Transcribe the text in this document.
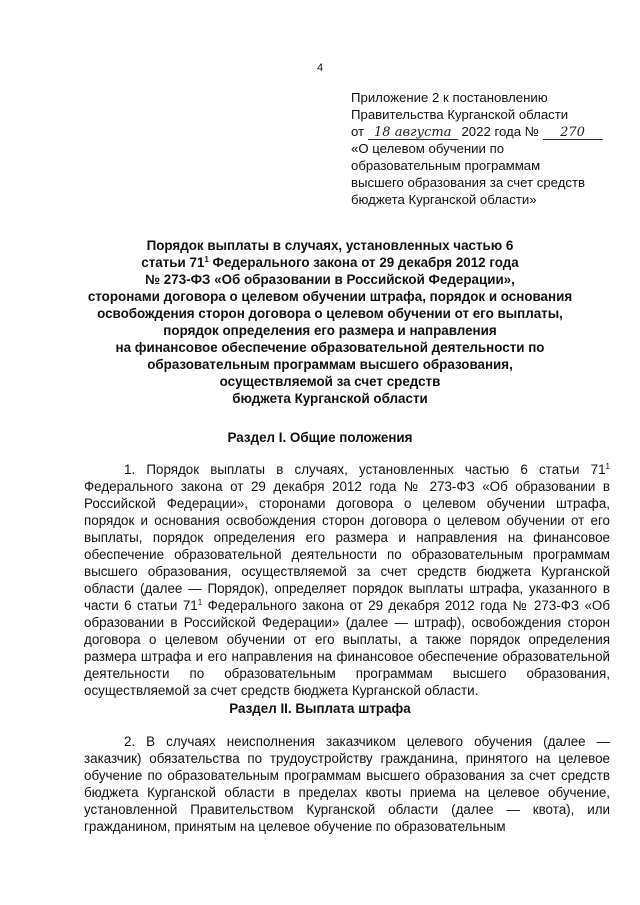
4
Приложение 2 к постановлению
Правительства Курганской области
от 18 августа 2022 года № 270
«О целевом обучении по
образовательным программам
высшего образования за счет средств
бюджета Курганской области»
Порядок выплаты в случаях, установленных частью 6
статьи $71^1$ Федерального закона от 29 декабря 2012 года
№ 273-ФЗ «Об образовании в Российской Федерации»,
сторонами договора о целевом обучении штрафа, порядок и основания
освобождения сторон договора о целевом обучении от его выплаты,
порядок определения его размера и направления
на финансовое обеспечение образовательной деятельности по
образовательным программам высшего образования,
осуществляемой за счет средств
бюджета Курганской области
Раздел I. Общие положения
1. Порядок выплаты в случаях, установленных частью 6 статьи $71^1$ Федерального закона от 29 декабря 2012 года № 273-ФЗ «Об образовании в Российской Федерации», сторонами договора о целевом обучении штрафа, порядок и основания освобождения сторон договора о целевом обучении от его выплаты, порядок определения его размера и направления на финансовое обеспечение образовательной деятельности по образовательным программам высшего образования, осуществляемой за счет средств бюджета Курганской области (далее — Порядок), определяет порядок выплаты штрафа, указанного в части 6 статьи $71^1$ Федерального закона от 29 декабря 2012 года № 273-ФЗ «Об образовании в Российской Федерации» (далее — штраф), освобождения сторон договора о целевом обучении от его выплаты, а также порядок определения размера штрафа и его направления на финансовое обеспечение образовательной деятельности по образовательным программам высшего образования, осуществляемой за счет средств бюджета Курганской области.
Раздел II. Выплата штрафа
2. В случаях неисполнения заказчиком целевого обучения (далее — заказчик) обязательства по трудоустройству гражданина, принятого на целевое обучение по образовательным программам высшего образования за счет средств бюджета Курганской области в пределах квоты приема на целевое обучение, установленной Правительством Курганской области (далее — квота), или гражданином, принятым на целевое обучение по образовательным
